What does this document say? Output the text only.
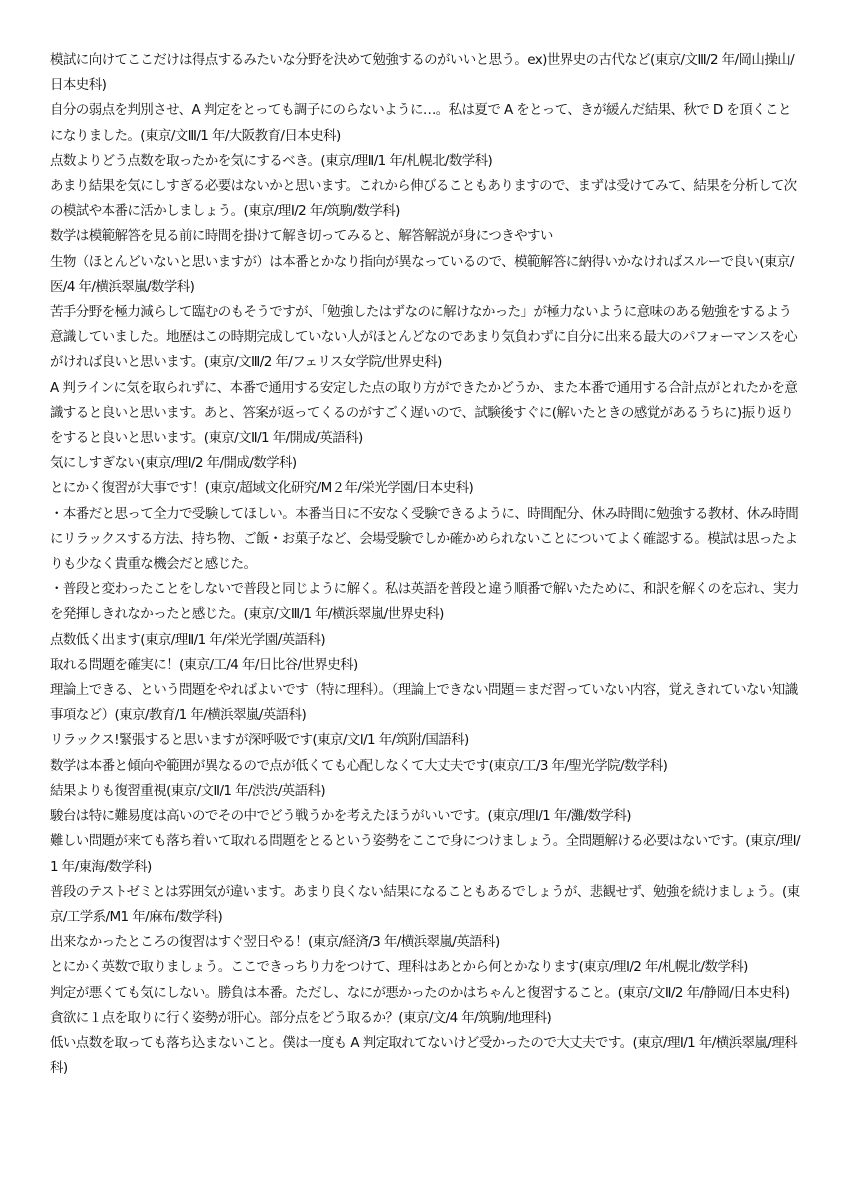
模試に向けてここだけは得点するみたいな分野を決めて勉強するのがいいと思う。ex)世界史の古代など(東京/文Ⅲ/2 年/岡山操山/日本史科)

自分の弱点を判別させ、A 判定をとっても調子にのらないように…。私は夏で A をとって、きが緩んだ結果、秋で D を頂くことになりました。(東京/文Ⅲ/1 年/大阪教育/日本史科)

点数よりどう点数を取ったかを気にするべき。(東京/理Ⅱ/1 年/札幌北/数学科)

あまり結果を気にしすぎる必要はないかと思います。これから伸びることもありますので、まずは受けてみて、結果を分析して次の模試や本番に活かしましょう。(東京/理Ⅰ/2 年/筑駒/数学科)

数学は模範解答を見る前に時間を掛けて解き切ってみると、解答解説が身につきやすい

生物（ほとんどいないと思いますが）は本番とかなり指向が異なっているので、模範解答に納得いかなければスルーで良い(東京/医/4 年/横浜翠嵐/数学科)

苦手分野を極力減らして臨むのもそうですが、「勉強したはずなのに解けなかった」が極力ないように意味のある勉強をするよう意識していました。地歴はこの時期完成していない人がほとんどなのであまり気負わずに自分に出来る最大のパフォーマンスを心がければ良いと思います。(東京/文Ⅲ/2 年/フェリス女学院/世界史科)

A 判ラインに気を取られずに、本番で通用する安定した点の取り方ができたかどうか、また本番で通用する合計点がとれたかを意識すると良いと思います。あと、答案が返ってくるのがすごく遅いので、試験後すぐに(解いたときの感覚があるうちに)振り返りをすると良いと思います。(東京/文Ⅱ/1 年/開成/英語科)

気にしすぎない(東京/理Ⅰ/2 年/開成/数学科)

とにかく復習が大事です！(東京/超域文化研究/M２年/栄光学園/日本史科)

・本番だと思って全力で受験してほしい。本番当日に不安なく受験できるように、時間配分、休み時間に勉強する教材、休み時間にリラックスする方法、持ち物、ご飯・お菓子など、会場受験でしか確かめられないことについてよく確認する。模試は思ったよりも少なく貴重な機会だと感じた。

・普段と変わったことをしないで普段と同じように解く。私は英語を普段と違う順番で解いたために、和訳を解くのを忘れ、実力を発揮しきれなかったと感じた。(東京/文Ⅲ/1 年/横浜翠嵐/世界史科)

点数低く出ます(東京/理Ⅱ/1 年/栄光学園/英語科)

取れる問題を確実に！(東京/工/4 年/日比谷/世界史科)

理論上できる、という問題をやればよいです（特に理科）。（理論上できない問題＝まだ習っていない内容，覚えきれていない知識事項など）(東京/教育/1 年/横浜翠嵐/英語科)

リラックス!緊張すると思いますが深呼吸です(東京/文Ⅰ/1 年/筑附/国語科)

数学は本番と傾向や範囲が異なるので点が低くても心配しなくて大丈夫です(東京/工/3 年/聖光学院/数学科)

結果よりも復習重視(東京/文Ⅱ/1 年/渋渋/英語科)

駿台は特に難易度は高いのでその中でどう戦うかを考えたほうがいいです。(東京/理Ⅰ/1 年/灘/数学科)

難しい問題が来ても落ち着いて取れる問題をとるという姿勢をここで身につけましょう。全問題解ける必要はないです。(東京/理Ⅰ/1 年/東海/数学科)

普段のテストゼミとは雰囲気が違います。あまり良くない結果になることもあるでしょうが、悲観せず、勉強を続けましょう。(東京/工学系/M1 年/麻布/数学科)

出来なかったところの復習はすぐ翌日やる！(東京/経済/3 年/横浜翠嵐/英語科)

とにかく英数で取りましょう。ここできっちり力をつけて、理科はあとから何とかなります(東京/理Ⅰ/2 年/札幌北/数学科)

判定が悪くても気にしない。勝負は本番。ただし、なにが悪かったのかはちゃんと復習すること。(東京/文Ⅱ/2 年/静岡/日本史科)

貪欲に１点を取りに行く姿勢が肝心。部分点をどう取るか？(東京/文/4 年/筑駒/地理科)

低い点数を取っても落ち込まないこと。僕は一度も A 判定取れてないけど受かったので大丈夫です。(東京/理Ⅰ/1 年/横浜翠嵐/理科科)
